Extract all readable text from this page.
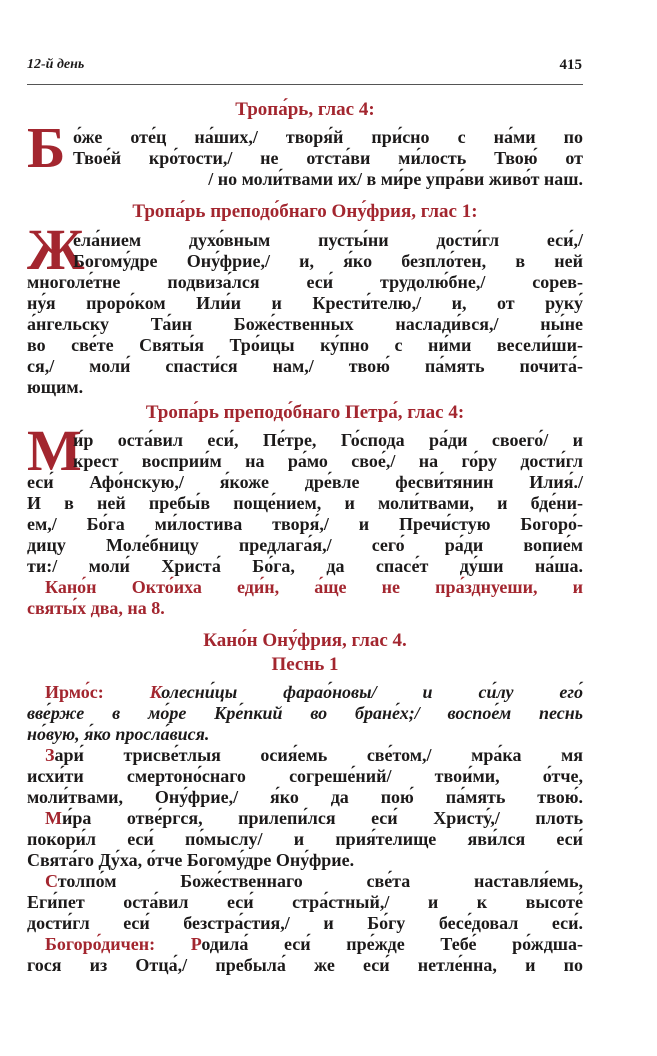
12-й день	415
Тропа́рь, глас 4:
Б о́же оте́ц на́ших,/ творя́й при́сно с на́ми по
Твое́й кро́тости,/ не отста́ви ми́лость Твою́ от
/ но моли́твами их/ в ми́ре упра́ви живо́т наш.
Тропа́рь преподо́бнаго Ону́фрия, глас 1:
Ж
ела́нием духо́вным пусты́ни дости́гл еси́,/
Богому́дре Ону́фрие,/ и, я́ко безпло́тен, в ней
многоле́тне подвиза́лся еси́ трудолю́бне,/ сорев-
ну́я проро́ком Или́и и Крести́телю,/ и, от руку́
а́нгельску Та́ин Боже́ственных наслади́вся,/ ны́не
во све́те Святы́я Тро́ицы ку́пно с ни́ми весели́ши-
ся,/ моли́ спасти́ся нам,/ твою́ па́мять почита́-
ющим.
Тропа́рь преподо́бнаго Петра́, глас 4:
М
и́р оста́вил еси́, Пе́тре, Го́спода ра́ди своего́/ и
крест восприи́м на ра́мо свое́,/ на го́ру дости́гл
еси́ Афо́нскую,/ я́коже дре́вле фесви́тянин Илия́./
И в ней пребы́в поще́нием, и моли́твами, и бде́ни-
ем,/ Бо́га ми́лостива творя́,/ и Пречи́стую Богоро́-
дицу Моле́бницу предлага́я,/ сего́ ра́ди вопие́м
ти:/ моли́ Христа́ Бо́га, да спасе́т ду́ши на́ша.
Кано́н Окто́иха еди́н, а́ще не пра́зднуеши, и
святы́х два, на 8.
Кано́н Ону́фрия, глас 4.
Песнь 1
Ирмо́с:	Колесни́цы фарао́новы/ и си́лу его́
вве́рже в мо́ре Кре́пкий во бране́х;/ воспое́м песнь
но́вую, я́ко просла́вися.
Зари́ трисве́тлыя осия́емь све́том,/ мра́ка мя
исхи́ти смертоно́снаго согреше́ний/ твои́ми, о́тче,
моли́твами, Ону́фрие,/ я́ко да пою́ па́мять твою́.
Ми́ра отве́ргся, прилепи́лся еси́ Христу́,/ плоть
покори́л еси́ по́мыслу/ и прия́телище яви́лся еси́
Свята́го Ду́ха, о́тче Богому́дре Ону́фрие.
Столпо́м Боже́ственнаго све́та наставля́емь,
Еги́пет оста́вил еси́ стра́стный,/ и к высоте́
дости́гл еси́ безстра́стия,/ и Бо́гу бесе́довал еси́.
Богоро́дичен: Родила́ еси́ пре́жде Тебе́ ро́ждша-
гося из Отца́,/ пребыла́ же еси́ нетле́нна, и по
